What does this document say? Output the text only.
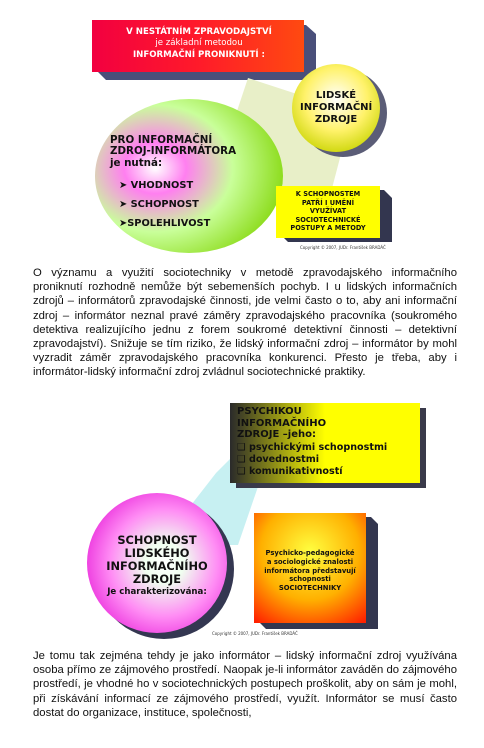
V NESTÁTNÍM ZPRAVODAJSTVÍ
je základní metodou
INFORMAČNÍ PRONIKNUTÍ :
PRO INFORMAČNÍ
ZDROJ-INFORMÁTORA
je nutná:
➤ VHODNOST
➤ SCHOPNOST
➤SPOLEHLIVOST
LIDSKÉ
INFORMAČNÍ
ZDROJE
K SCHOPNOSTEM
PATŘÍ I UMĚNÍ
VYUŽÍVAT
SOCIOTECHNICKÉ
POSTUPY A METODY
Copyright © 2007, JUDr. František BRADÁČ

O významu a využití sociotechniky v metodě zpravodajského informačního proniknutí rozhodně nemůže být sebemenších pochyb. I u lidských informačních zdrojů – informátorů zpravodajské činnosti, jde velmi často o to, aby ani informační zdroj – informátor neznal pravé záměry zpravodajského pracovníka (soukromého detektiva realizujícího jednu z forem soukromé detektivní činnosti – detektivní zpravodajství). Snižuje se tím riziko, že lidský informační zdroj – informátor by mohl vyzradit záměr zpravodajského pracovníka konkurenci. Přesto je třeba, aby i informátor-lidský informační zdroj zvládnul sociotechnické praktiky.

PSYCHIKOU
INFORMAČNÍHO
ZDROJE –jeho:
❑ psychickými schopnostmi
❑ dovednostmi
❑ komunikativností
SCHOPNOST
LIDSKÉHO
INFORMAČNÍHO
ZDROJE
Je charakterizována:
Psychicko-pedagogické
a sociologické znalosti
informátora představují
schopnosti
SOCIOTECHNIKY
Copyright © 2007, JUDr. František BRADÁČ

Je tomu tak zejména tehdy je jako informátor – lidský informační zdroj využívána osoba přímo ze zájmového prostředí. Naopak je-li informátor zaváděn do zájmového prostředí, je vhodné ho v sociotechnických postupech proškolit, aby on sám je mohl, při získávání informací ze zájmového prostředí, využít. Informátor se musí často dostat do organizace, instituce, společnosti,
